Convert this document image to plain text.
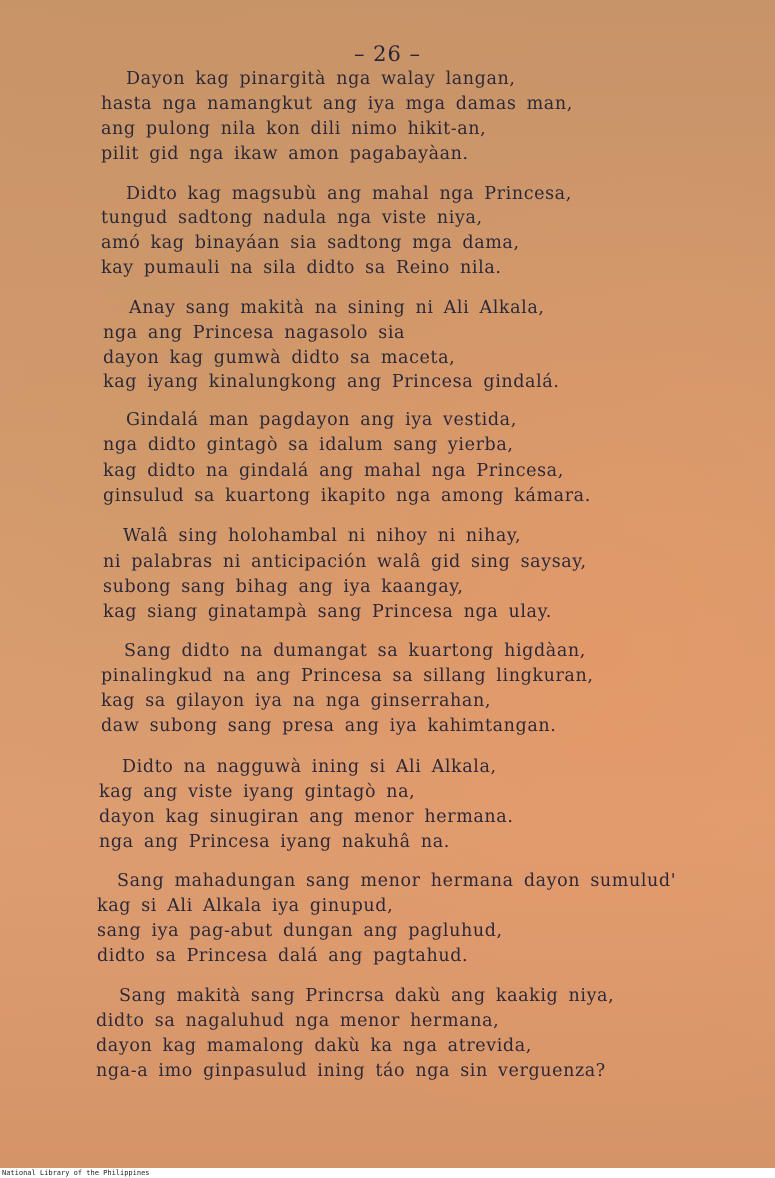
– 26 –
Dayon kag pinargità nga walay langan,
hasta nga namangkut ang iya mga damas man,
ang pulong nila kon dili nimo hikit-an,
pilit gid nga ikaw amon pagabayàan.
Didto kag magsubù ang mahal nga Princesa,
tungud sadtong nadula nga viste niya,
amó kag binayáan sia sadtong mga dama,
kay pumauli na sila didto sa Reino nila.
Anay sang makità na sining ni Ali Alkala,
nga ang Princesa nagasolo sia
dayon kag gumwà didto sa maceta,
kag iyang kinalungkong ang Princesa gindalá.
Gindalá man pagdayon ang iya vestida,
nga didto gintagò sa idalum sang yierba,
kag didto na gindalá ang mahal nga Princesa,
ginsulud sa kuartong ikapito nga among kámara.
Walâ sing holohambal ni nihoy ni nihay,
ni palabras ni anticipación walâ gid sing saysay,
subong sang bihag ang iya kaangay,
kag siang ginatampà sang Princesa nga ulay.
Sang didto na dumangat sa kuartong higdàan,
pinalingkud na ang Princesa sa sillang lingkuran,
kag sa gilayon iya na nga ginserrahan,
daw subong sang presa ang iya kahimtangan.
Didto na nagguwà ining si Ali Alkala,
kag ang viste iyang gintagò na,
dayon kag sinugiran ang menor hermana.
nga ang Princesa iyang nakuhâ na.
Sang mahadungan sang menor hermana dayon sumulud'
kag si Ali Alkala iya ginupud,
sang iya pag-abut dungan ang pagluhud,
didto sa Princesa dalá ang pagtahud.
Sang makità sang Princrsa dakù ang kaakig niya,
didto sa nagaluhud nga menor hermana,
dayon kag mamalong dakù ka nga atrevida,
nga-a imo ginpasulud ining táo nga sin verguenza?
National Library of the Philippines
